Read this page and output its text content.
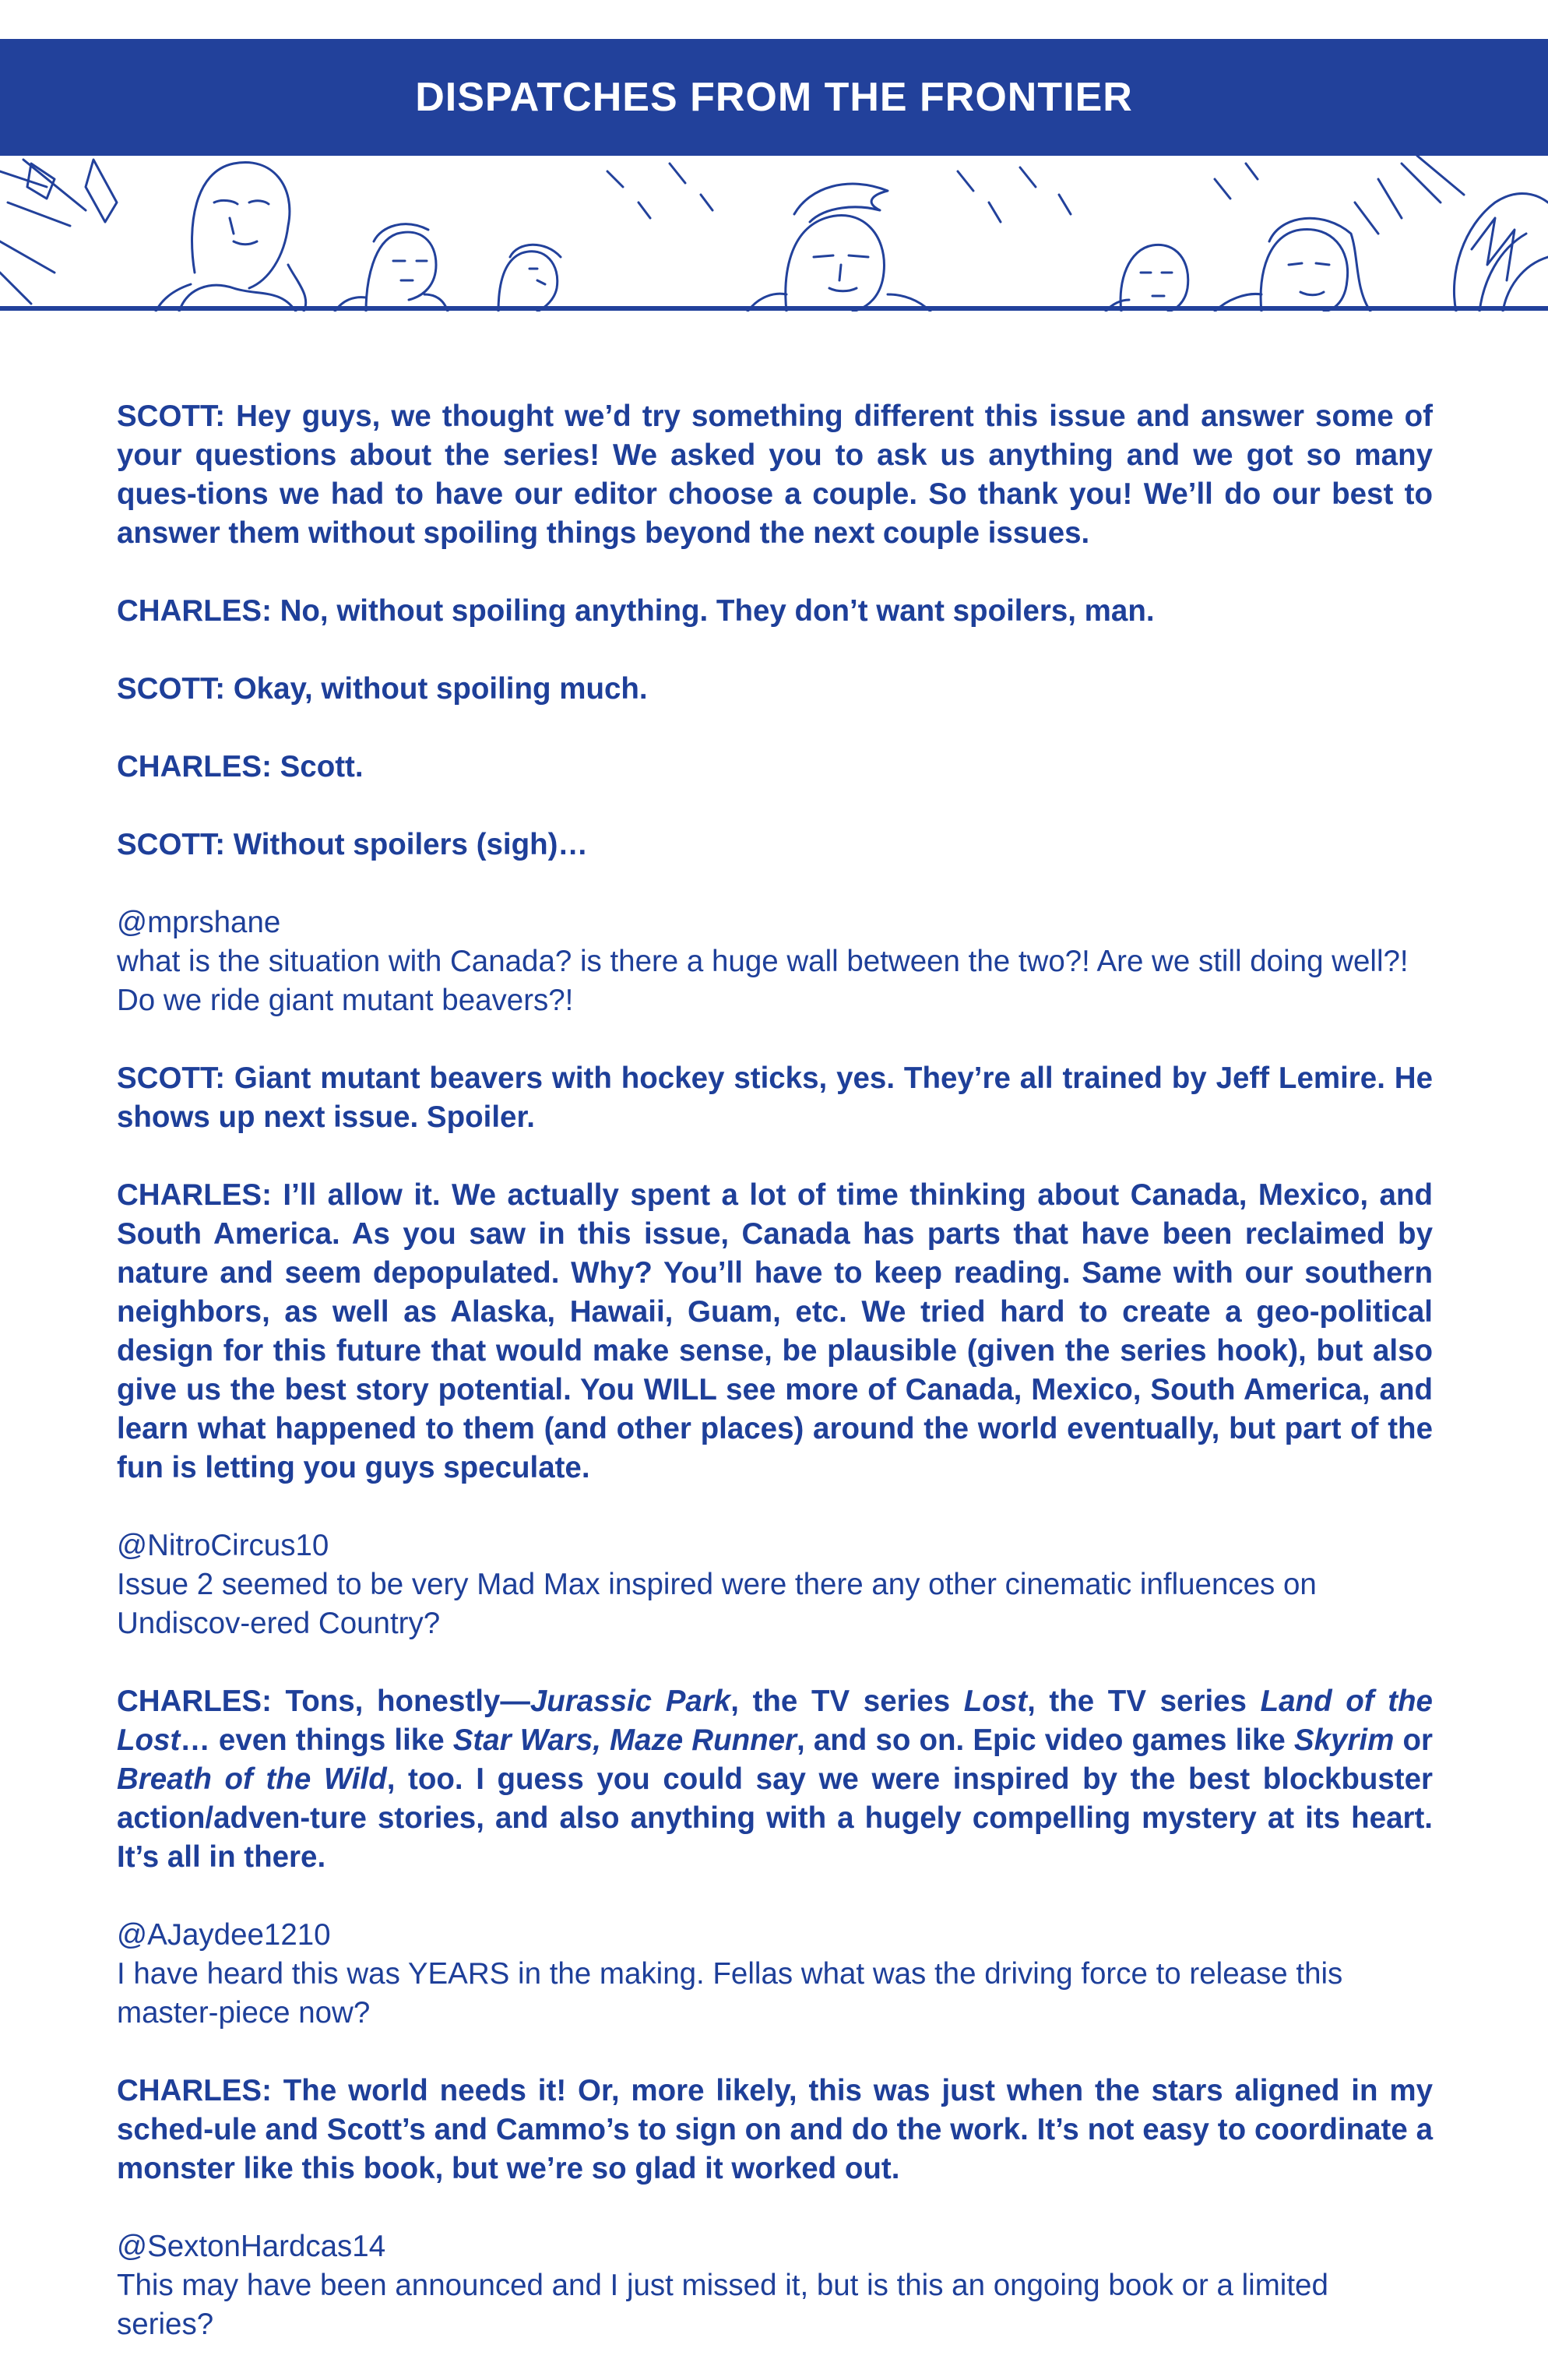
DISPATCHES FROM THE FRONTIER

SCOTT: Hey guys, we thought we’d try something different this issue and answer some of your questions about the series! We asked you to ask us anything and we got so many ques-tions we had to have our editor choose a couple. So thank you! We’ll do our best to answer them without spoiling things beyond the next couple issues.

CHARLES: No, without spoiling anything. They don’t want spoilers, man.

SCOTT: Okay, without spoiling much.

CHARLES: Scott.

SCOTT: Without spoilers (sigh)…

@mprshane
what is the situation with Canada? is there a huge wall between the two?! Are we still doing well?! Do we ride giant mutant beavers?!

SCOTT: Giant mutant beavers with hockey sticks, yes. They’re all trained by Jeff Lemire. He shows up next issue. Spoiler.

CHARLES: I’ll allow it. We actually spent a lot of time thinking about Canada, Mexico, and South America. As you saw in this issue, Canada has parts that have been reclaimed by nature and seem depopulated. Why? You’ll have to keep reading. Same with our southern neighbors, as well as Alaska, Hawaii, Guam, etc. We tried hard to create a geo-political design for this future that would make sense, be plausible (given the series hook), but also give us the best story potential. You WILL see more of Canada, Mexico, South America, and learn what happened to them (and other places) around the world eventually, but part of the fun is letting you guys speculate.

@NitroCircus10
Issue 2 seemed to be very Mad Max inspired were there any other cinematic influences on Undiscov-ered Country?

CHARLES: Tons, honestly—Jurassic Park, the TV series Lost, the TV series Land of the Lost… even things like Star Wars, Maze Runner, and so on. Epic video games like Skyrim or Breath of the Wild, too. I guess you could say we were inspired by the best blockbuster action/adven-ture stories, and also anything with a hugely compelling mystery at its heart. It’s all in there.

@AJaydee1210
I have heard this was YEARS in the making. Fellas what was the driving force to release this master-piece now?

CHARLES: The world needs it! Or, more likely, this was just when the stars aligned in my sched-ule and Scott’s and Cammo’s to sign on and do the work. It’s not easy to coordinate a monster like this book, but we’re so glad it worked out.

@SextonHardcas14
This may have been announced and I just missed it, but is this an ongoing book or a limited series?
